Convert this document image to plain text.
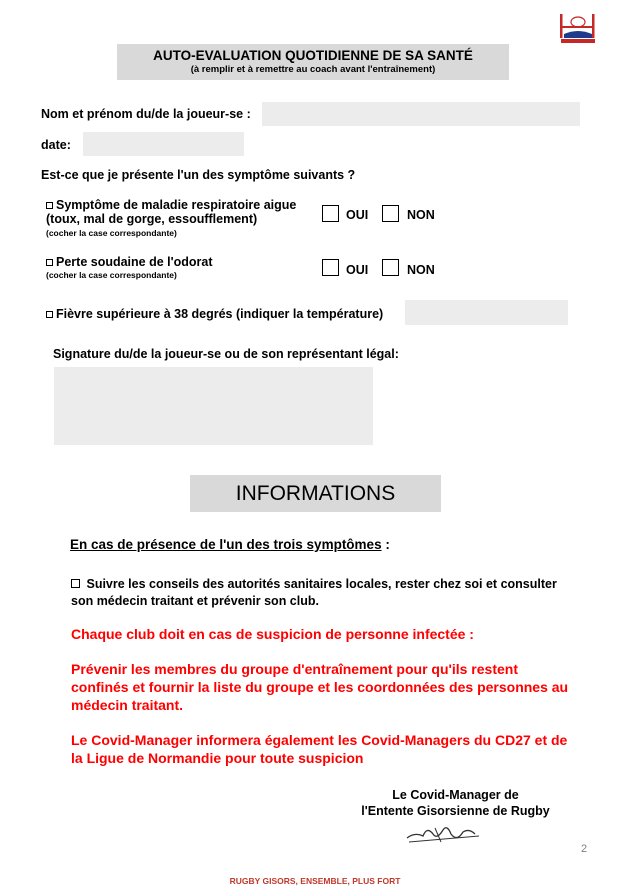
AUTO-EVALUATION QUOTIDIENNE DE SA SANTÉ
(à remplir et à remettre au coach avant l'entraînement)
Nom et prénom du/de la joueur-se :
date:
Est-ce que je présente l'un des symptôme suivants ?
Symptôme de maladie respiratoire aigue
(toux, mal de gorge, essoufflement)
(cocher la case correspondante)
OUI	NON
Perte soudaine de l'odorat
(cocher la case correspondante)	OUI	NON
Fièvre supérieure à 38 degrés (indiquer la température)
Signature du/de la joueur-se ou de son représentant légal:
INFORMATIONS
En cas de présence de l'un des trois symptômes :
Suivre les conseils des autorités sanitaires locales, rester chez soi et consulter
son médecin traitant et prévenir son club.
Chaque club doit en cas de suspicion de personne infectée :
Prévenir les membres du groupe d'entraînement pour qu'ils restent
confinés et fournir la liste du groupe et les coordonnées des personnes au
médecin traitant.
Le Covid-Manager informera également les Covid-Managers du CD27 et de
la Ligue de Normandie pour toute suspicion
Le Covid-Manager de
l'Entente Gisorsienne de Rugby
2
RUGBY GISORS, ENSEMBLE, PLUS FORT
